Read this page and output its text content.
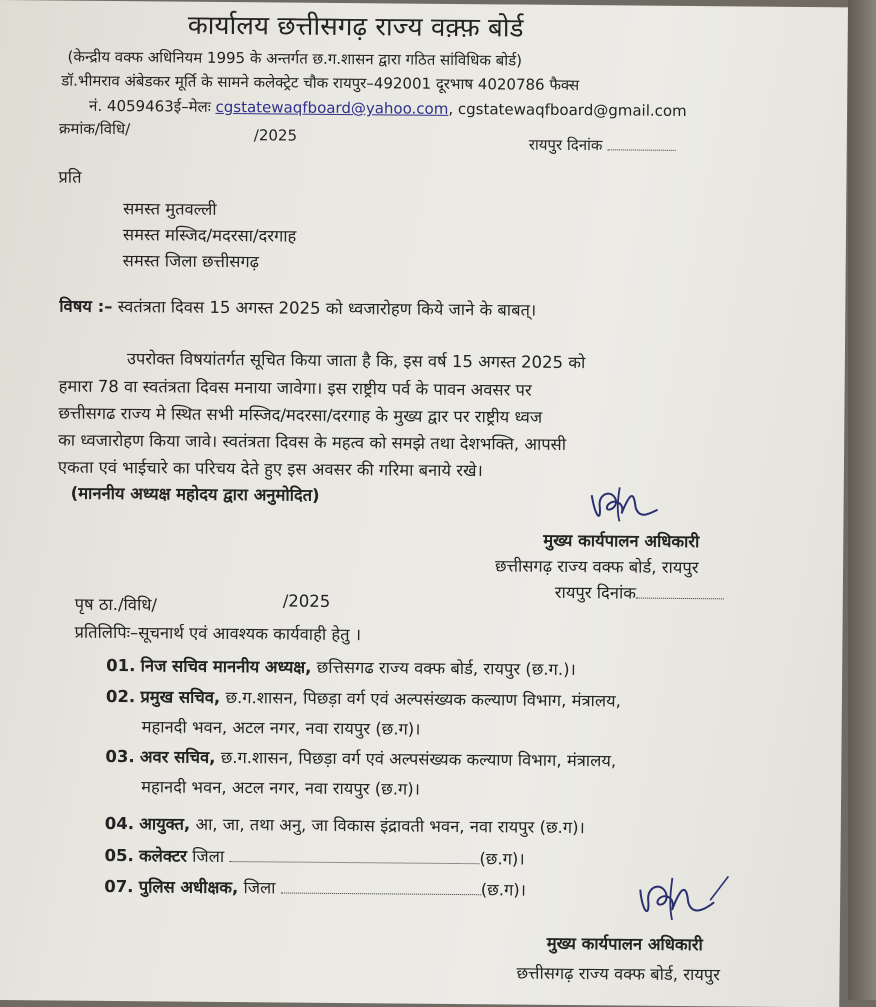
कार्यालय छत्तीसगढ़ राज्य वक़्फ़ बोर्ड
(केन्द्रीय वक्फ अधिनियम 1995 के अन्तर्गत छ.ग.शासन द्वारा गठित सांविधिक बोर्ड)
डॉ.भीमराव अंबेडकर मूर्ति के सामने कलेक्ट्रेट चौक रायपुर–492001 दूरभाष 4020786 फैक्स
नं. 4059463ई–मेलः cgstatewaqfboard@yahoo.com, cgstatewaqfboard@gmail.com
क्रमांक/विधि/	/2025
रायपुर दिनांक
प्रति
समस्त मुतवल्ली
समस्त मस्जिद/मदरसा/दरगाह
समस्त जिला छत्तीसगढ़
विषय :– स्वतंत्रता दिवस 15 अगस्त 2025 को ध्वजारोहण किये जाने के बाबत्।
उपरोक्त विषयांतर्गत सूचित किया जाता है कि, इस वर्ष 15 अगस्त 2025 को
हमारा 78 वा स्वतंत्रता दिवस मनाया जावेगा। इस राष्ट्रीय पर्व के पावन अवसर पर
छत्तीसगढ राज्य मे स्थित सभी मस्जिद/मदरसा/दरगाह के मुख्य द्वार पर राष्ट्रीय ध्वज
का ध्वजारोहण किया जावे। स्वतंत्रता दिवस के महत्व को समझे तथा देशभक्ति, आपसी
एकता एवं भाईचारे का परिचय देते हुए इस अवसर की गरिमा बनाये रखे।
(माननीय अध्यक्ष महोदय द्वारा अनुमोदित)
मुख्य कार्यपालन अधिकारी
छत्तीसगढ़ राज्य वक्फ बोर्ड, रायपुर
रायपुर दिनांक
पृष ठा./विधि/	/2025
प्रतिलिपिः–सूचनार्थ एवं आवश्यक कार्यवाही हेतु ।
01. निज सचिव माननीय अध्यक्ष, छत्तिसगढ राज्य वक्फ बोर्ड, रायपुर (छ.ग.)।
02. प्रमुख सचिव, छ.ग.शासन, पिछड़ा वर्ग एवं अल्पसंख्यक कल्याण विभाग, मंत्रालय,
महानदी भवन, अटल नगर, नवा रायपुर (छ.ग)।
03. अवर सचिव, छ.ग.शासन, पिछड़ा वर्ग एवं अल्पसंख्यक कल्याण विभाग, मंत्रालय,
महानदी भवन, अटल नगर, नवा रायपुर (छ.ग)।
04. आयुक्त, आ, जा, तथा अनु, जा विकास इंद्रावती भवन, नवा रायपुर (छ.ग)।
05. कलेक्टर जिला	(छ.ग)।
07. पुलिस अधीक्षक, जिला	(छ.ग)।
मुख्य कार्यपालन अधिकारी
छत्तीसगढ़ राज्य वक्फ बोर्ड, रायपुर
